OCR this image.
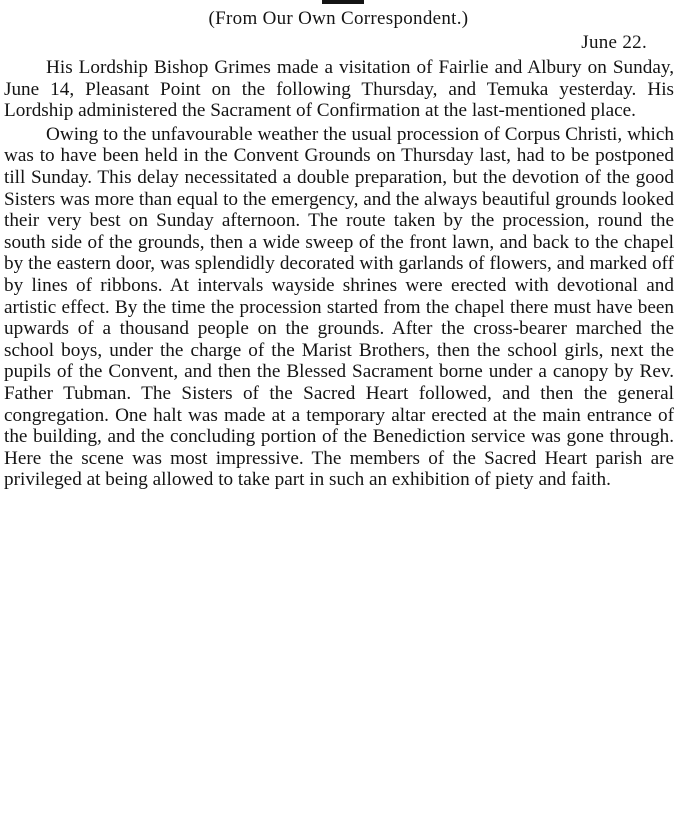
(From Our Own Correspondent.)
June 22.

His Lordship Bishop Grimes made a visitation of Fairlie and Albury on Sunday, June 14, Pleasant Point on the following Thursday, and Temuka yesterday. His Lordship administered the Sacrament of Confirmation at the last-mentioned place.

Owing to the unfavourable weather the usual procession of Corpus Christi, which was to have been held in the Convent Grounds on Thursday last, had to be postponed till Sunday. This delay necessitated a double preparation, but the devotion of the good Sisters was more than equal to the emergency, and the always beautiful grounds looked their very best on Sunday afternoon. The route taken by the procession, round the south side of the grounds, then a wide sweep of the front lawn, and back to the chapel by the eastern door, was splendidly decorated with garlands of flowers, and marked off by lines of ribbons. At intervals wayside shrines were erected with devotional and artistic effect. By the time the procession started from the chapel there must have been upwards of a thousand people on the grounds. After the cross-bearer marched the school boys, under the charge of the Marist Brothers, then the school girls, next the pupils of the Convent, and then the Blessed Sacrament borne under a canopy by Rev. Father Tubman. The Sisters of the Sacred Heart followed, and then the general congregation. One halt was made at a temporary altar erected at the main entrance of the building, and the concluding portion of the Benediction service was gone through. Here the scene was most impressive. The members of the Sacred Heart parish are privileged at being allowed to take part in such an exhibition of piety and faith.
